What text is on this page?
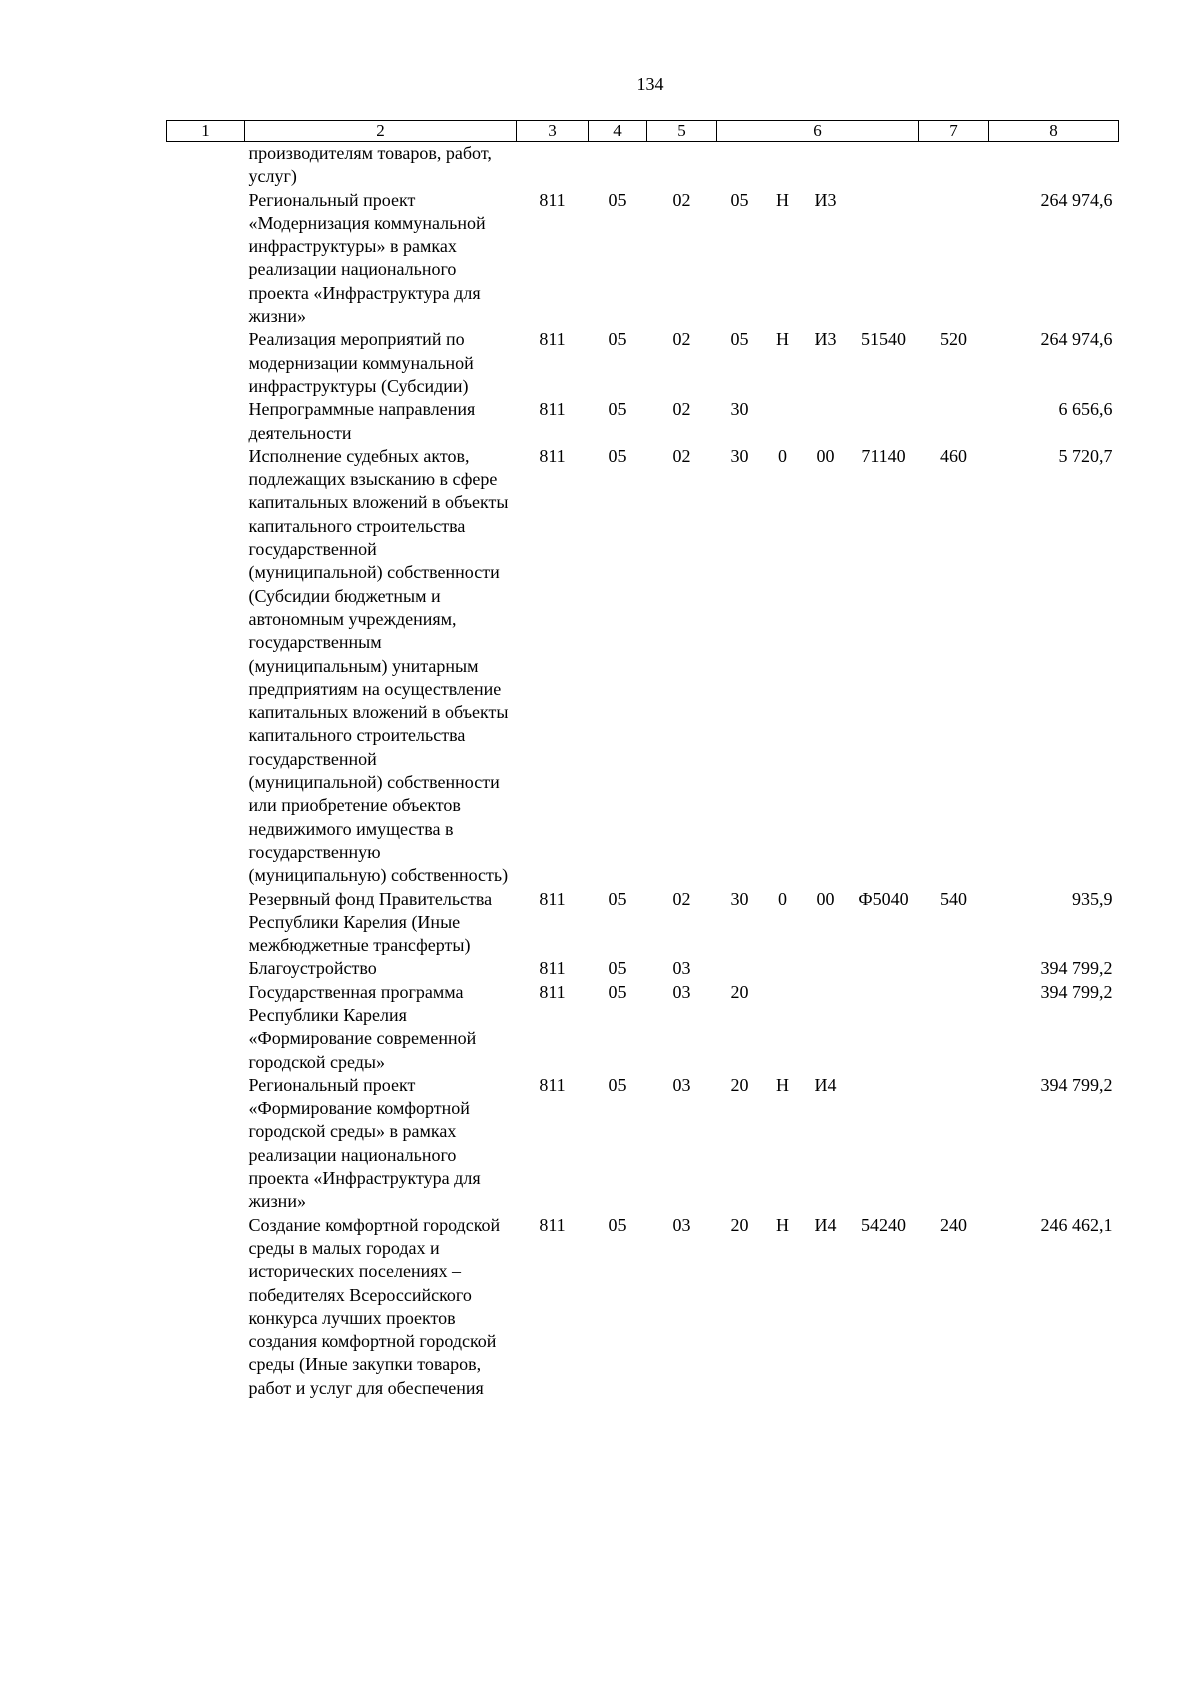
134
1	2	3	4	5	6				7	8
	производителям товаров, работ, услуг)									
	Региональный проект «Модернизация коммунальной инфраструктуры» в рамках реализации национального проекта «Инфраструктура для жизни»	811	05	02	05	Н	И3			264 974,6
	Реализация мероприятий по модернизации коммунальной инфраструктуры (Субсидии)	811	05	02	05	Н	И3	51540	520	264 974,6
	Непрограммные направления деятельности	811	05	02	30					6 656,6
	Исполнение судебных актов, подлежащих взысканию в сфере капитальных вложений в объекты капитального строительства государственной (муниципальной) собственности (Субсидии бюджетным и автономным учреждениям, государственным (муниципальным) унитарным предприятиям на осуществление капитальных вложений в объекты капитального строительства государственной (муниципальной) собственности или приобретение объектов недвижимого имущества в государственную (муниципальную) собственность)	811	05	02	30	0	00	71140	460	5 720,7
	Резервный фонд Правительства Республики Карелия (Иные межбюджетные трансферты)	811	05	02	30	0	00	Ф5040	540	935,9
	Благоустройство	811	05	03						394 799,2
	Государственная программа Республики Карелия «Формирование современной городской среды»	811	05	03	20					394 799,2
	Региональный проект «Формирование комфортной городской среды» в рамках реализации национального проекта «Инфраструктура для жизни»	811	05	03	20	Н	И4			394 799,2
	Создание комфортной городской среды в малых городах и исторических поселениях – победителях Всероссийского конкурса лучших проектов создания комфортной городской среды (Иные закупки товаров, работ и услуг для обеспечения	811	05	03	20	Н	И4	54240	240	246 462,1
